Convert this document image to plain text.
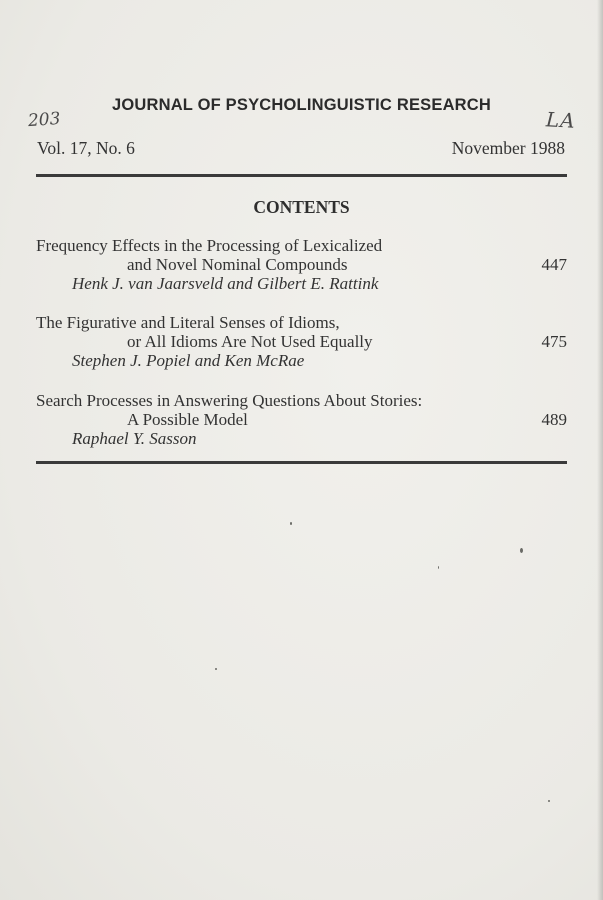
203	LA
JOURNAL OF PSYCHOLINGUISTIC RESEARCH
Vol. 17, No. 6	November 1988
CONTENTS
Frequency Effects in the Processing of Lexicalized
and Novel Nominal Compounds
Henk J. van Jaarsveld and Gilbert E. Rattink
447
The Figurative and Literal Senses of Idioms,
or All Idioms Are Not Used Equally
Stephen J. Popiel and Ken McRae
475
Search Processes in Answering Questions About Stories:
A Possible Model
Raphael Y. Sasson
489
